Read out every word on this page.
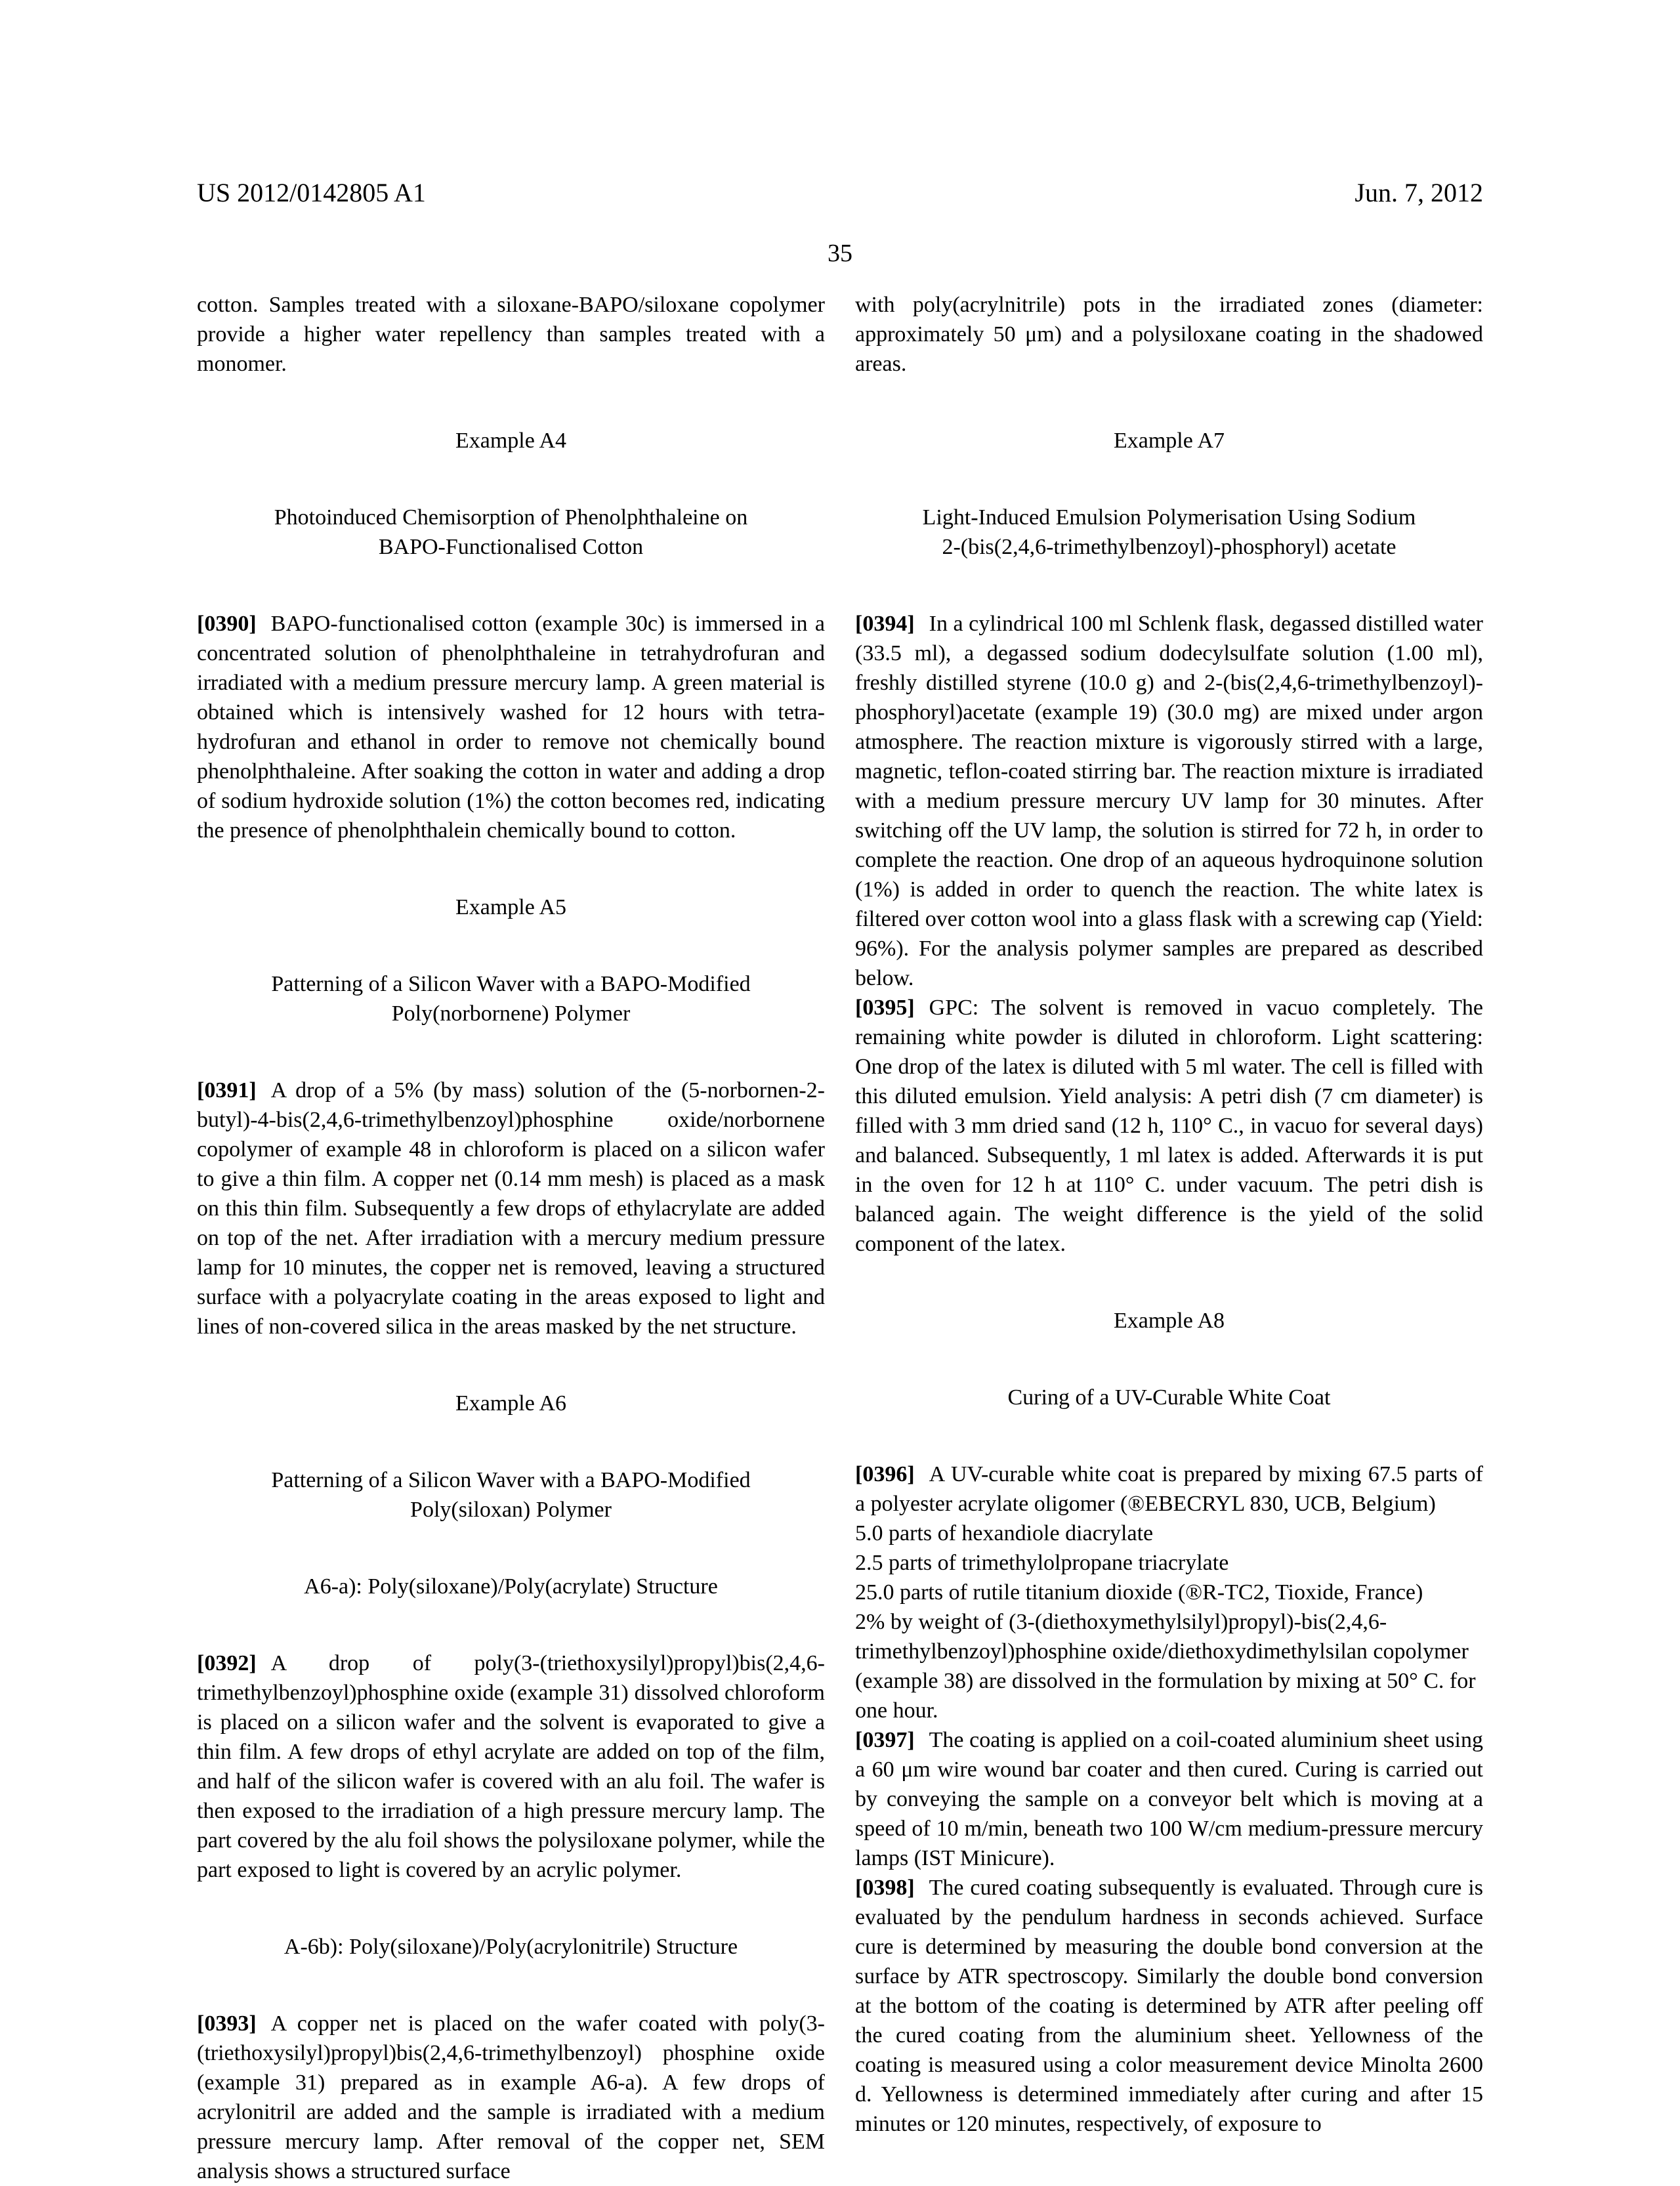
US 2012/0142805 A1	Jun. 7, 2012
35

cotton. Samples treated with a siloxane-BAPO/siloxane copolymer provide a higher water repellency than samples treated with a monomer.

Example A4
Photoinduced Chemisorption of Phenolphthaleine on BAPO-Functionalised Cotton

[0390] BAPO-functionalised cotton (example 30c) is immersed in a concentrated solution of phenolphthaleine in tetrahydrofuran and irradiated with a medium pressure mercury lamp. A green material is obtained which is intensively washed for 12 hours with tetra-hydrofuran and ethanol in order to remove not chemically bound phenolphthaleine. After soaking the cotton in water and adding a drop of sodium hydroxide solution (1%) the cotton becomes red, indicating the presence of phenolphthalein chemically bound to cotton.

Example A5
Patterning of a Silicon Waver with a BAPO-Modified Poly(norbornene) Polymer

[0391] A drop of a 5% (by mass) solution of the (5-norbornen-2-butyl)-4-bis(2,4,6-trimethylbenzoyl)phosphine oxide/norbornene copolymer of example 48 in chloroform is placed on a silicon wafer to give a thin film. A copper net (0.14 mm mesh) is placed as a mask on this thin film. Subsequently a few drops of ethylacrylate are added on top of the net. After irradiation with a mercury medium pressure lamp for 10 minutes, the copper net is removed, leaving a structured surface with a polyacrylate coating in the areas exposed to light and lines of non-covered silica in the areas masked by the net structure.

Example A6
Patterning of a Silicon Waver with a BAPO-Modified Poly(siloxan) Polymer
A6-a): Poly(siloxane)/Poly(acrylate) Structure

[0392] A drop of poly(3-(triethoxysilyl)propyl)bis(2,4,6-trimethylbenzoyl)phosphine oxide (example 31) dissolved chloroform is placed on a silicon wafer and the solvent is evaporated to give a thin film. A few drops of ethyl acrylate are added on top of the film, and half of the silicon wafer is covered with an alu foil. The wafer is then exposed to the irradiation of a high pressure mercury lamp. The part covered by the alu foil shows the polysiloxane polymer, while the part exposed to light is covered by an acrylic polymer.

A-6b): Poly(siloxane)/Poly(acrylonitrile) Structure

[0393] A copper net is placed on the wafer coated with poly(3-(triethoxysilyl)propyl)bis(2,4,6-trimethylbenzoyl) phosphine oxide (example 31) prepared as in example A6-a). A few drops of acrylonitril are added and the sample is irradiated with a medium pressure mercury lamp. After removal of the copper net, SEM analysis shows a structured surface

with poly(acrylnitrile) pots in the irradiated zones (diameter: approximately 50 μm) and a polysiloxane coating in the shadowed areas.

Example A7
Light-Induced Emulsion Polymerisation Using Sodium 2-(bis(2,4,6-trimethylbenzoyl)-phosphoryl) acetate

[0394] In a cylindrical 100 ml Schlenk flask, degassed distilled water (33.5 ml), a degassed sodium dodecylsulfate solution (1.00 ml), freshly distilled styrene (10.0 g) and 2-(bis(2,4,6-trimethylbenzoyl)-phosphoryl)acetate (example 19) (30.0 mg) are mixed under argon atmosphere. The reaction mixture is vigorously stirred with a large, magnetic, teflon-coated stirring bar. The reaction mixture is irradiated with a medium pressure mercury UV lamp for 30 minutes. After switching off the UV lamp, the solution is stirred for 72 h, in order to complete the reaction. One drop of an aqueous hydroquinone solution (1%) is added in order to quench the reaction. The white latex is filtered over cotton wool into a glass flask with a screwing cap (Yield: 96%). For the analysis polymer samples are prepared as described below.

[0395] GPC: The solvent is removed in vacuo completely. The remaining white powder is diluted in chloroform. Light scattering: One drop of the latex is diluted with 5 ml water. The cell is filled with this diluted emulsion. Yield analysis: A petri dish (7 cm diameter) is filled with 3 mm dried sand (12 h, 110° C., in vacuo for several days) and balanced. Subsequently, 1 ml latex is added. Afterwards it is put in the oven for 12 h at 110° C. under vacuum. The petri dish is balanced again. The weight difference is the yield of the solid component of the latex.

Example A8
Curing of a UV-Curable White Coat

[0396] A UV-curable white coat is prepared by mixing 67.5 parts of a polyester acrylate oligomer (®EBECRYL 830, UCB, Belgium)

5.0 parts of hexandiole diacrylate

2.5 parts of trimethylolpropane triacrylate

25.0 parts of rutile titanium dioxide (®R-TC2, Tioxide, France)

2% by weight of (3-(diethoxymethylsilyl)propyl)-bis(2,4,6-trimethylbenzoyl)phosphine oxide/diethoxydimethylsilan copolymer (example 38) are dissolved in the formulation by mixing at 50° C. for one hour.

[0397] The coating is applied on a coil-coated aluminium sheet using a 60 μm wire wound bar coater and then cured. Curing is carried out by conveying the sample on a conveyor belt which is moving at a speed of 10 m/min, beneath two 100 W/cm medium-pressure mercury lamps (IST Minicure).

[0398] The cured coating subsequently is evaluated. Through cure is evaluated by the pendulum hardness in seconds achieved. Surface cure is determined by measuring the double bond conversion at the surface by ATR spectroscopy. Similarly the double bond conversion at the bottom of the coating is determined by ATR after peeling off the cured coating from the aluminium sheet. Yellowness of the coating is measured using a color measurement device Minolta 2600 d. Yellowness is determined immediately after curing and after 15 minutes or 120 minutes, respectively, of exposure to
